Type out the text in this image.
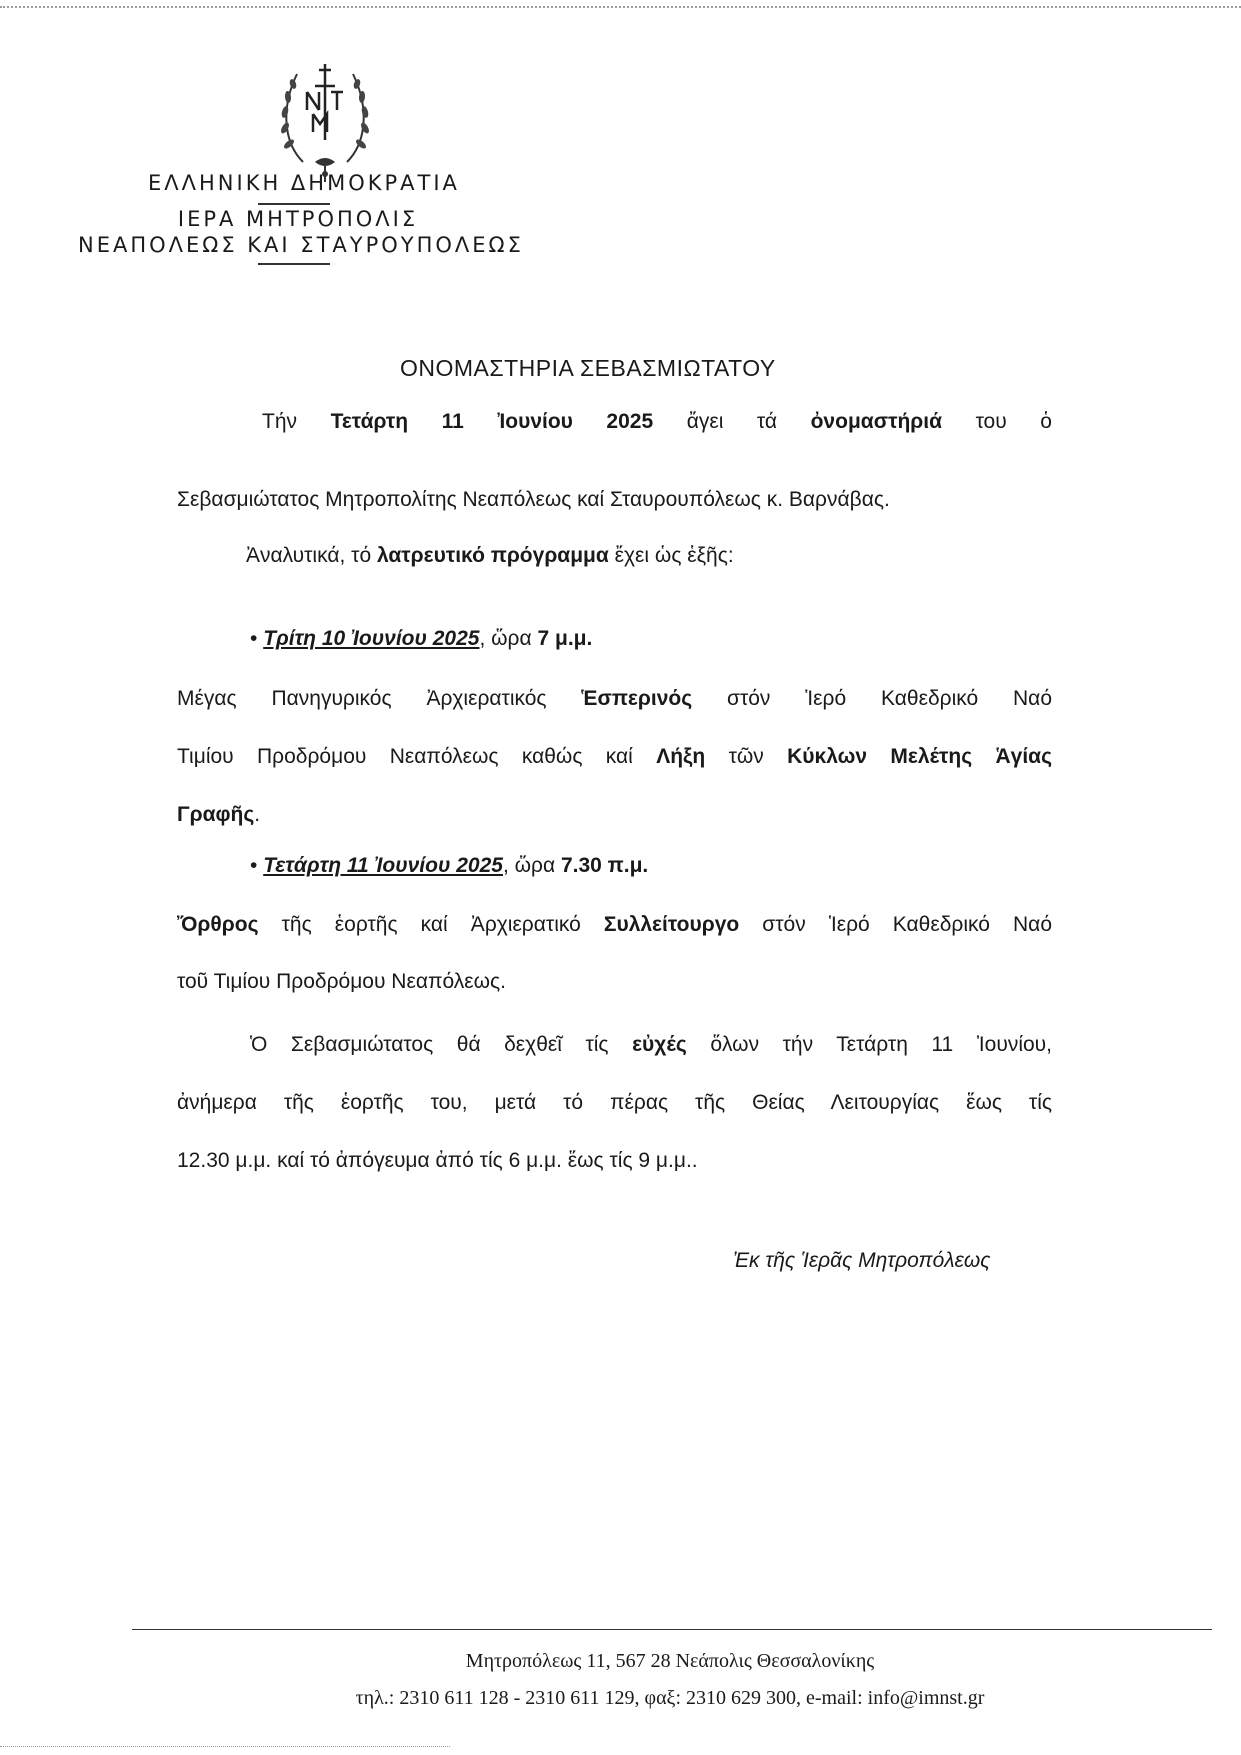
ΕΛΛΗΝΙΚΗ ΔΗΜΟΚΡΑΤΙΑ
ΙΕΡΑ ΜΗΤΡΟΠΟΛΙΣ
ΝΕΑΠΟΛΕΩΣ ΚΑΙ ΣΤΑΥΡΟΥΠΟΛΕΩΣ
ΟΝΟΜΑΣΤΗΡΙΑ ΣΕΒΑΣΜΙΩΤΑΤΟΥ
Τήν Τετάρτη 11 Ἰουνίου 2025 ἄγει τά ὀνομαστήριά του ὁ
Σεβασμιώτατος Μητροπολίτης Νεαπόλεως καί Σταυρουπόλεως κ. Βαρνάβας.
Ἀναλυτικά, τό λατρευτικό πρόγραμμα ἔχει ὡς ἑξῆς:
• Τρίτη 10 Ἰουνίου 2025, ὥρα 7 μ.μ.
Μέγας Πανηγυρικός Ἀρχιερατικός Ἑσπερινός στόν Ἱερό Καθεδρικό Ναό
Τιμίου Προδρόμου Νεαπόλεως καθώς καί Λήξη τῶν Κύκλων Μελέτης Ἁγίας
Γραφῆς.
• Τετάρτη 11 Ἰουνίου 2025, ὥρα 7.30 π.μ.
Ὄρθρος τῆς ἑορτῆς καί Ἀρχιερατικό Συλλείτουργο στόν Ἱερό Καθεδρικό Ναό
τοῦ Τιμίου Προδρόμου Νεαπόλεως.
Ὁ Σεβασμιώτατος θά δεχθεῖ τίς εὐχές ὅλων τήν Τετάρτη 11 Ἰουνίου,
ἀνήμερα τῆς ἑορτῆς του, μετά τό πέρας τῆς Θείας Λειτουργίας ἕως τίς
12.30 μ.μ. καί τό ἀπόγευμα ἀπό τίς 6 μ.μ. ἕως τίς 9 μ.μ..
Ἐκ τῆς Ἱερᾶς Μητροπόλεως
Μητροπόλεως 11, 567 28 Νεάπολις Θεσσαλονίκης
τηλ.: 2310 611 128 - 2310 611 129, φαξ: 2310 629 300, e-mail: info@imnst.gr
